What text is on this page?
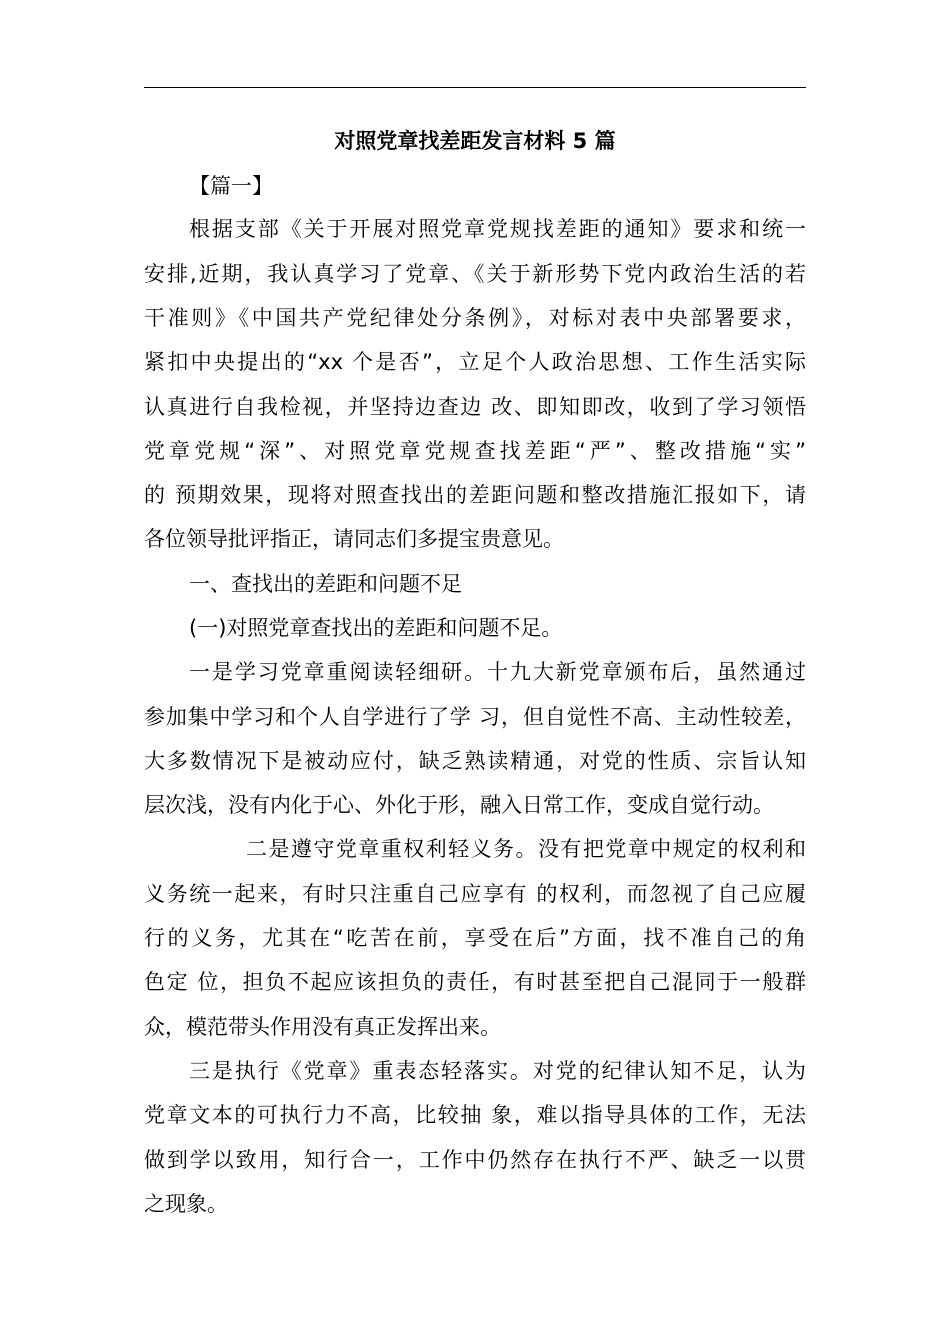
对照党章找差距发言材料 5 篇
【篇一】
根据支部《关于开展对照党章党规找差距的通知》要求和统一
安排,近期，我认真学习了党章、《关于新形势下党内政治生活的若
干准则》《中国共产党纪律处分条例》，对标对表中央部署要求，
紧扣中央提出的“xx 个是否”，立足个人政治思想、工作生活实际
认真进行自我检视，并坚持边查边 改、即知即改，收到了学习领悟
党章党规“深”、对照党章党规查找差距“严”、整改措施“实”
的 预期效果，现将对照查找出的差距问题和整改措施汇报如下，请
各位领导批评指正，请同志们多提宝贵意见。
一、查找出的差距和问题不足
(一)对照党章查找出的差距和问题不足。
一是学习党章重阅读轻细研。十九大新党章颁布后，虽然通过
参加集中学习和个人自学进行了学 习，但自觉性不高、主动性较差，
大多数情况下是被动应付，缺乏熟读精通，对党的性质、宗旨认知
层次浅，没有内化于心、外化于形，融入日常工作，变成自觉行动。
二是遵守党章重权利轻义务。没有把党章中规定的权利和
义务统一起来，有时只注重自己应享有 的权利，而忽视了自己应履
行的义务，尤其在“吃苦在前，享受在后”方面，找不准自己的角
色定 位，担负不起应该担负的责任，有时甚至把自己混同于一般群
众，模范带头作用没有真正发挥出来。
三是执行《党章》重表态轻落实。对党的纪律认知不足，认为
党章文本的可执行力不高，比较抽 象，难以指导具体的工作，无法
做到学以致用，知行合一，工作中仍然存在执行不严、缺乏一以贯
之现象。
